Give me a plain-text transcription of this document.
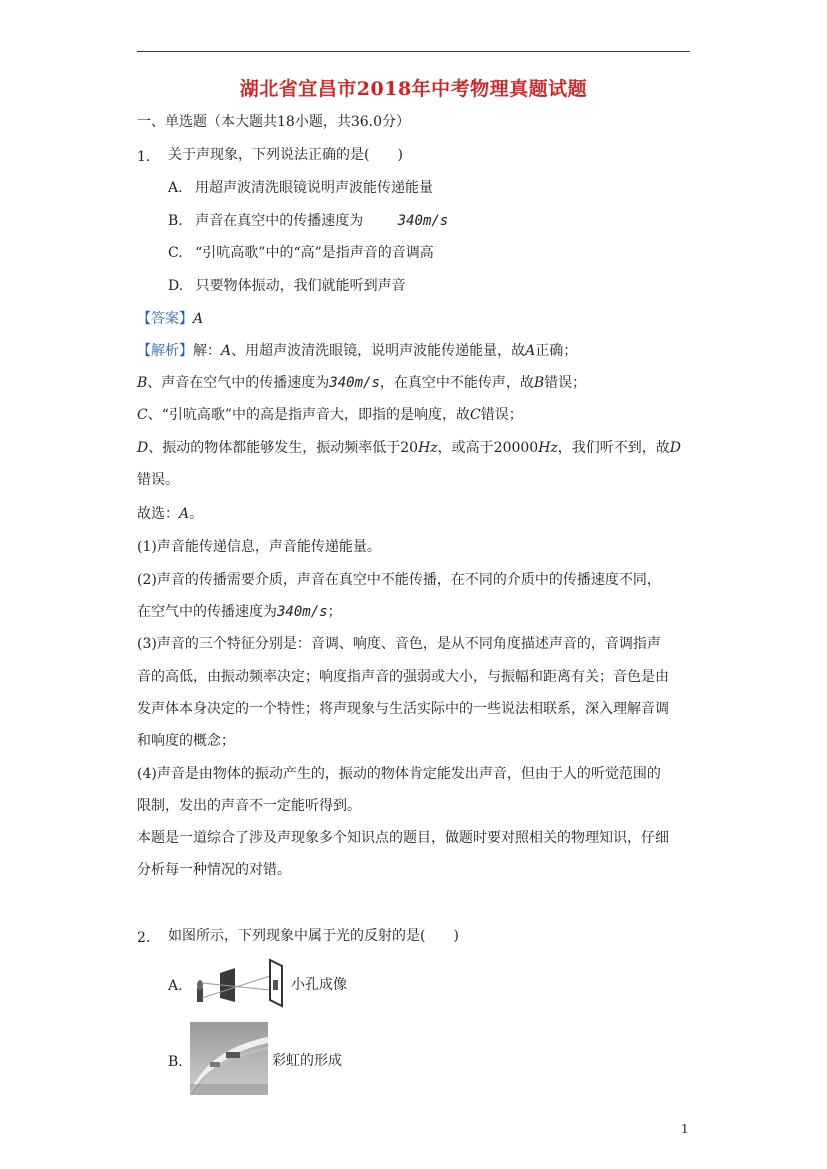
湖北省宜昌市2018年中考物理真题试题
一、单选题（本大题共18小题，共36.0分）
1. 关于声现象，下列说法正确的是(　　)
A. 用超声波清洗眼镜说明声波能传递能量
B. 声音在真空中的传播速度为 340m/s
C. “引吭高歌”中的“高”是指声音的音调高
D. 只要物体振动，我们就能听到声音
【答案】A
【解析】解：A、用超声波清洗眼镜，说明声波能传递能量，故A正确；
B、声音在空气中的传播速度为340m/s，在真空中不能传声，故B错误；
C、“引吭高歌”中的高是指声音大，即指的是响度，故C错误；
D、振动的物体都能够发生，振动频率低于20Hz，或高于20000Hz，我们听不到，故D
错误。
故选：A。
(1)声音能传递信息，声音能传递能量。
(2)声音的传播需要介质，声音在真空中不能传播，在不同的介质中的传播速度不同，
在空气中的传播速度为340m/s；
(3)声音的三个特征分别是：音调、响度、音色，是从不同角度描述声音的，音调指声
音的高低，由振动频率决定；响度指声音的强弱或大小，与振幅和距离有关；音色是由
发声体本身决定的一个特性；将声现象与生活实际中的一些说法相联系，深入理解音调
和响度的概念；
(4)声音是由物体的振动产生的，振动的物体肯定能发出声音，但由于人的听觉范围的
限制，发出的声音不一定能听得到。
本题是一道综合了涉及声现象多个知识点的题目，做题时要对照相关的物理知识，仔细
分析每一种情况的对错。
2. 如图所示，下列现象中属于光的反射的是(　　)
A.	小孔成像
B.	彩虹的形成
1
